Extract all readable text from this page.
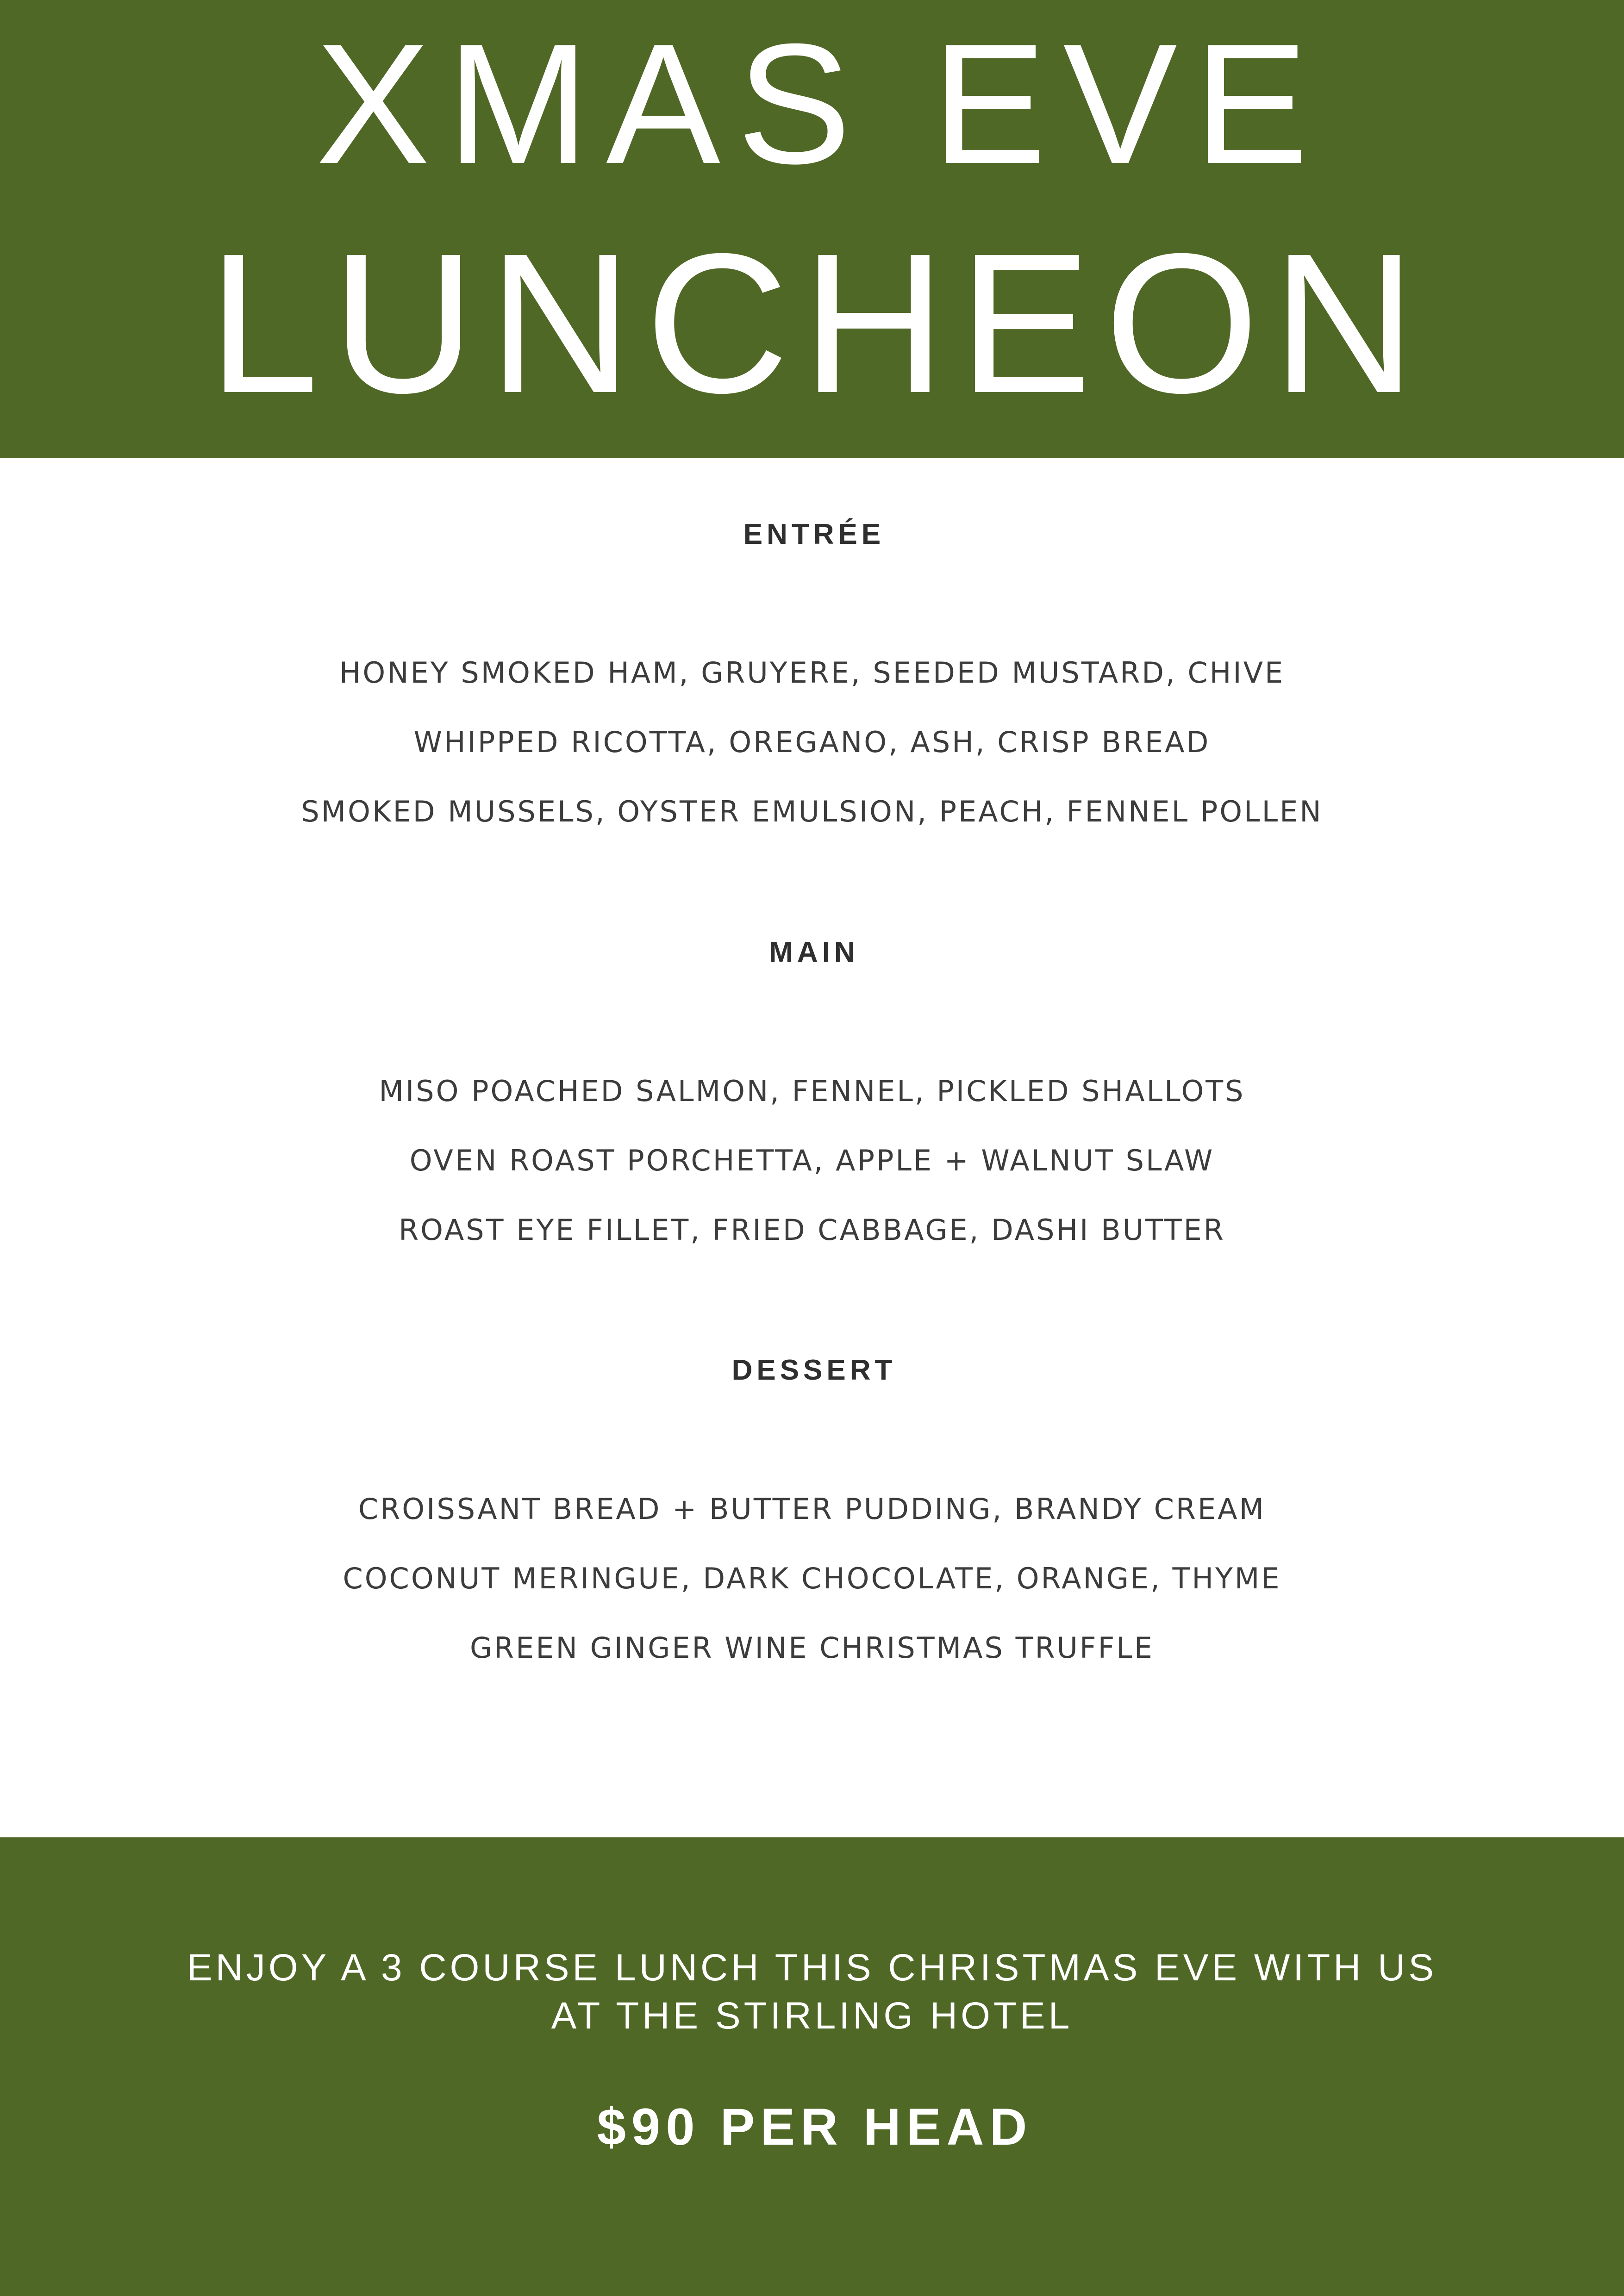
XMAS EVE
LUNCHEON
ENTRÉE
HONEY SMOKED HAM, GRUYERE, SEEDED MUSTARD, CHIVE
WHIPPED RICOTTA, OREGANO, ASH, CRISP BREAD
SMOKED MUSSELS, OYSTER EMULSION, PEACH, FENNEL POLLEN
MAIN
MISO POACHED SALMON, FENNEL, PICKLED SHALLOTS
OVEN ROAST PORCHETTA, APPLE + WALNUT SLAW
ROAST EYE FILLET, FRIED CABBAGE, DASHI BUTTER
DESSERT
CROISSANT BREAD + BUTTER PUDDING, BRANDY CREAM
COCONUT MERINGUE, DARK CHOCOLATE, ORANGE, THYME
GREEN GINGER WINE CHRISTMAS TRUFFLE
ENJOY A 3 COURSE LUNCH THIS CHRISTMAS EVE WITH US
AT THE STIRLING HOTEL
$90 PER HEAD
